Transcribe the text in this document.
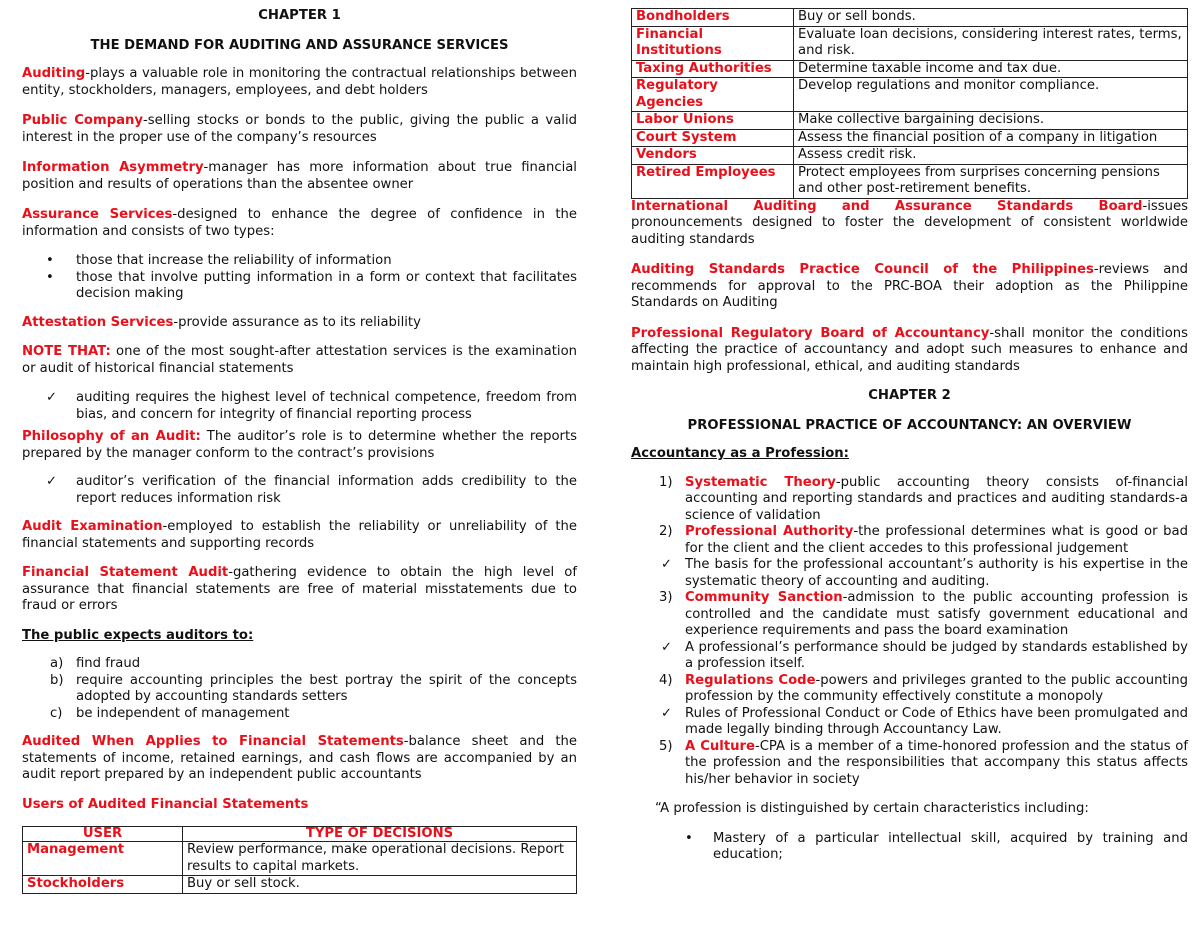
CHAPTER 1
THE DEMAND FOR AUDITING AND ASSURANCE SERVICES

Auditing-plays a valuable role in monitoring the contractual relationships between entity, stockholders, managers, employees, and debt holders

Public Company-selling stocks or bonds to the public, giving the public a valid interest in the proper use of the company’s resources

Information Asymmetry-manager has more information about true financial position and results of operations than the absentee owner

Assurance Services-designed to enhance the degree of confidence in the information and consists of two types:

• those that increase the reliability of information
• those that involve putting information in a form or context that facilitates decision making

Attestation Services-provide assurance as to its reliability

NOTE THAT: one of the most sought-after attestation services is the examination or audit of historical financial statements

✓ auditing requires the highest level of technical competence, freedom from bias, and concern for integrity of financial reporting process

Philosophy of an Audit: The auditor’s role is to determine whether the reports prepared by the manager conform to the contract’s provisions

✓ auditor’s verification of the financial information adds credibility to the report reduces information risk

Audit Examination-employed to establish the reliability or unreliability of the financial statements and supporting records

Financial Statement Audit-gathering evidence to obtain the high level of assurance that financial statements are free of material misstatements due to fraud or errors

The public expects auditors to:

a) find fraud
b) require accounting principles the best portray the spirit of the concepts adopted by accounting standards setters
c) be independent of management

Audited When Applies to Financial Statements-balance sheet and the statements of income, retained earnings, and cash flows are accompanied by an audit report prepared by an independent public accountants

Users of Audited Financial Statements

USER	TYPE OF DECISIONS
Management	Review performance, make operational decisions. Report results to capital markets.
Stockholders	Buy or sell stock.
Bondholders	Buy or sell bonds.
Financial Institutions	Evaluate loan decisions, considering interest rates, terms, and risk.
Taxing Authorities	Determine taxable income and tax due.
Regulatory Agencies	Develop regulations and monitor compliance.
Labor Unions	Make collective bargaining decisions.
Court System	Assess the financial position of a company in litigation
Vendors	Assess credit risk.
Retired Employees	Protect employees from surprises concerning pensions and other post-retirement benefits.

International Auditing and Assurance Standards Board-issues pronouncements designed to foster the development of consistent worldwide auditing standards

Auditing Standards Practice Council of the Philippines-reviews and recommends for approval to the PRC-BOA their adoption as the Philippine Standards on Auditing

Professional Regulatory Board of Accountancy-shall monitor the conditions affecting the practice of accountancy and adopt such measures to enhance and maintain high professional, ethical, and auditing standards

CHAPTER 2
PROFESSIONAL PRACTICE OF ACCOUNTANCY: AN OVERVIEW

Accountancy as a Profession:

1) Systematic Theory-public accounting theory consists of-financial accounting and reporting standards and practices and auditing standards-a science of validation
2) Professional Authority-the professional determines what is good or bad for the client and the client accedes to this professional judgement
✓ The basis for the professional accountant’s authority is his expertise in the systematic theory of accounting and auditing.
3) Community Sanction-admission to the public accounting profession is controlled and the candidate must satisfy government educational and experience requirements and pass the board examination
✓ A professional’s performance should be judged by standards established by a profession itself.
4) Regulations Code-powers and privileges granted to the public accounting profession by the community effectively constitute a monopoly
✓ Rules of Professional Conduct or Code of Ethics have been promulgated and made legally binding through Accountancy Law.
5) A Culture-CPA is a member of a time-honored profession and the status of the profession and the responsibilities that accompany this status affects his/her behavior in society

“A profession is distinguished by certain characteristics including:

• Mastery of a particular intellectual skill, acquired by training and education;
